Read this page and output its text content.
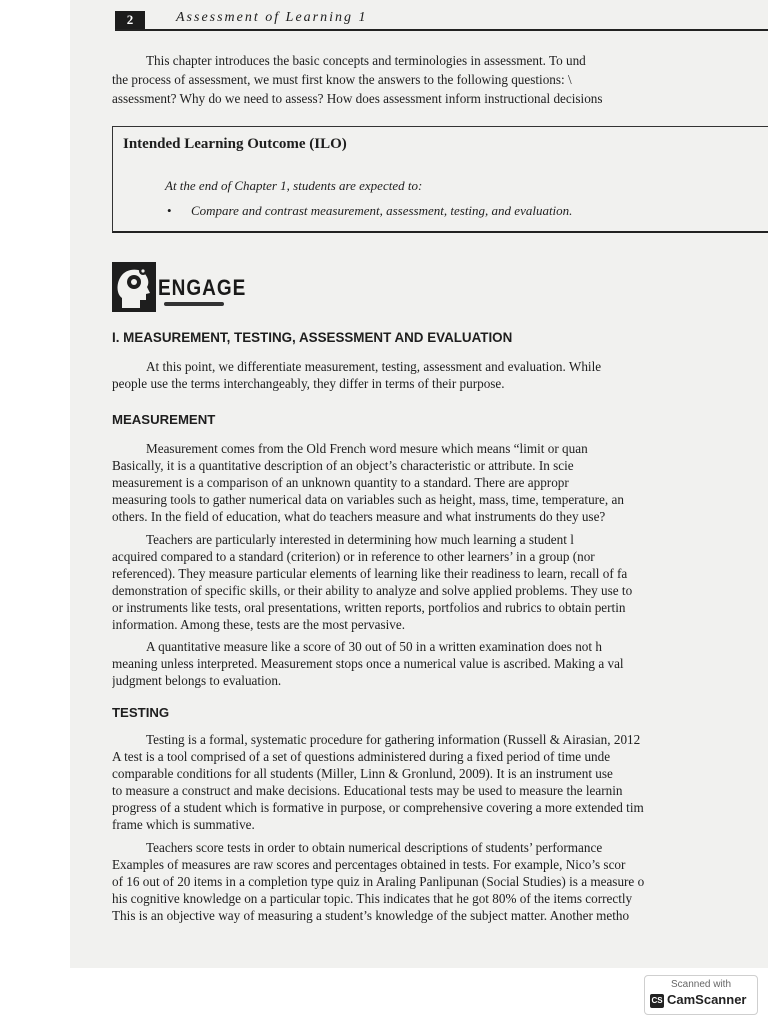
2	Assessment of Learning 1
This chapter introduces the basic concepts and terminologies in assessment. To und
the process of assessment, we must first know the answers to the following questions: \
assessment? Why do we need to assess? How does assessment inform instructional decisions
Intended Learning Outcome (ILO)
At the end of Chapter 1, students are expected to:
• Compare and contrast measurement, assessment, testing, and evaluation.
ENGAGE
I. MEASUREMENT, TESTING, ASSESSMENT AND EVALUATION
At this point, we differentiate measurement, testing, assessment and evaluation. While
people use the terms interchangeably, they differ in terms of their purpose.
MEASUREMENT
Measurement comes from the Old French word mesure which means “limit or quan
Basically, it is a quantitative description of an object’s characteristic or attribute. In scie
measurement is a comparison of an unknown quantity to a standard. There are appropr
measuring tools to gather numerical data on variables such as height, mass, time, temperature, an
others. In the field of education, what do teachers measure and what instruments do they use?
Teachers are particularly interested in determining how much learning a student l
acquired compared to a standard (criterion) or in reference to other learners’ in a group (nor
referenced). They measure particular elements of learning like their readiness to learn, recall of fa
demonstration of specific skills, or their ability to analyze and solve applied problems. They use to
or instruments like tests, oral presentations, written reports, portfolios and rubrics to obtain pertin
information. Among these, tests are the most pervasive.
A quantitative measure like a score of 30 out of 50 in a written examination does not h
meaning unless interpreted. Measurement stops once a numerical value is ascribed. Making a val
judgment belongs to evaluation.
TESTING
Testing is a formal, systematic procedure for gathering information (Russell & Airasian, 2012
A test is a tool comprised of a set of questions administered during a fixed period of time unde
comparable conditions for all students (Miller, Linn & Gronlund, 2009). It is an instrument use
to measure a construct and make decisions. Educational tests may be used to measure the learnin
progress of a student which is formative in purpose, or comprehensive covering a more extended tim
frame which is summative.
Teachers score tests in order to obtain numerical descriptions of students’ performance
Examples of measures are raw scores and percentages obtained in tests. For example, Nico’s scor
of 16 out of 20 items in a completion type quiz in Araling Panlipunan (Social Studies) is a measure o
his cognitive knowledge on a particular topic. This indicates that he got 80% of the items correctly
This is an objective way of measuring a student’s knowledge of the subject matter. Another metho
Scanned with
CS CamScanner
